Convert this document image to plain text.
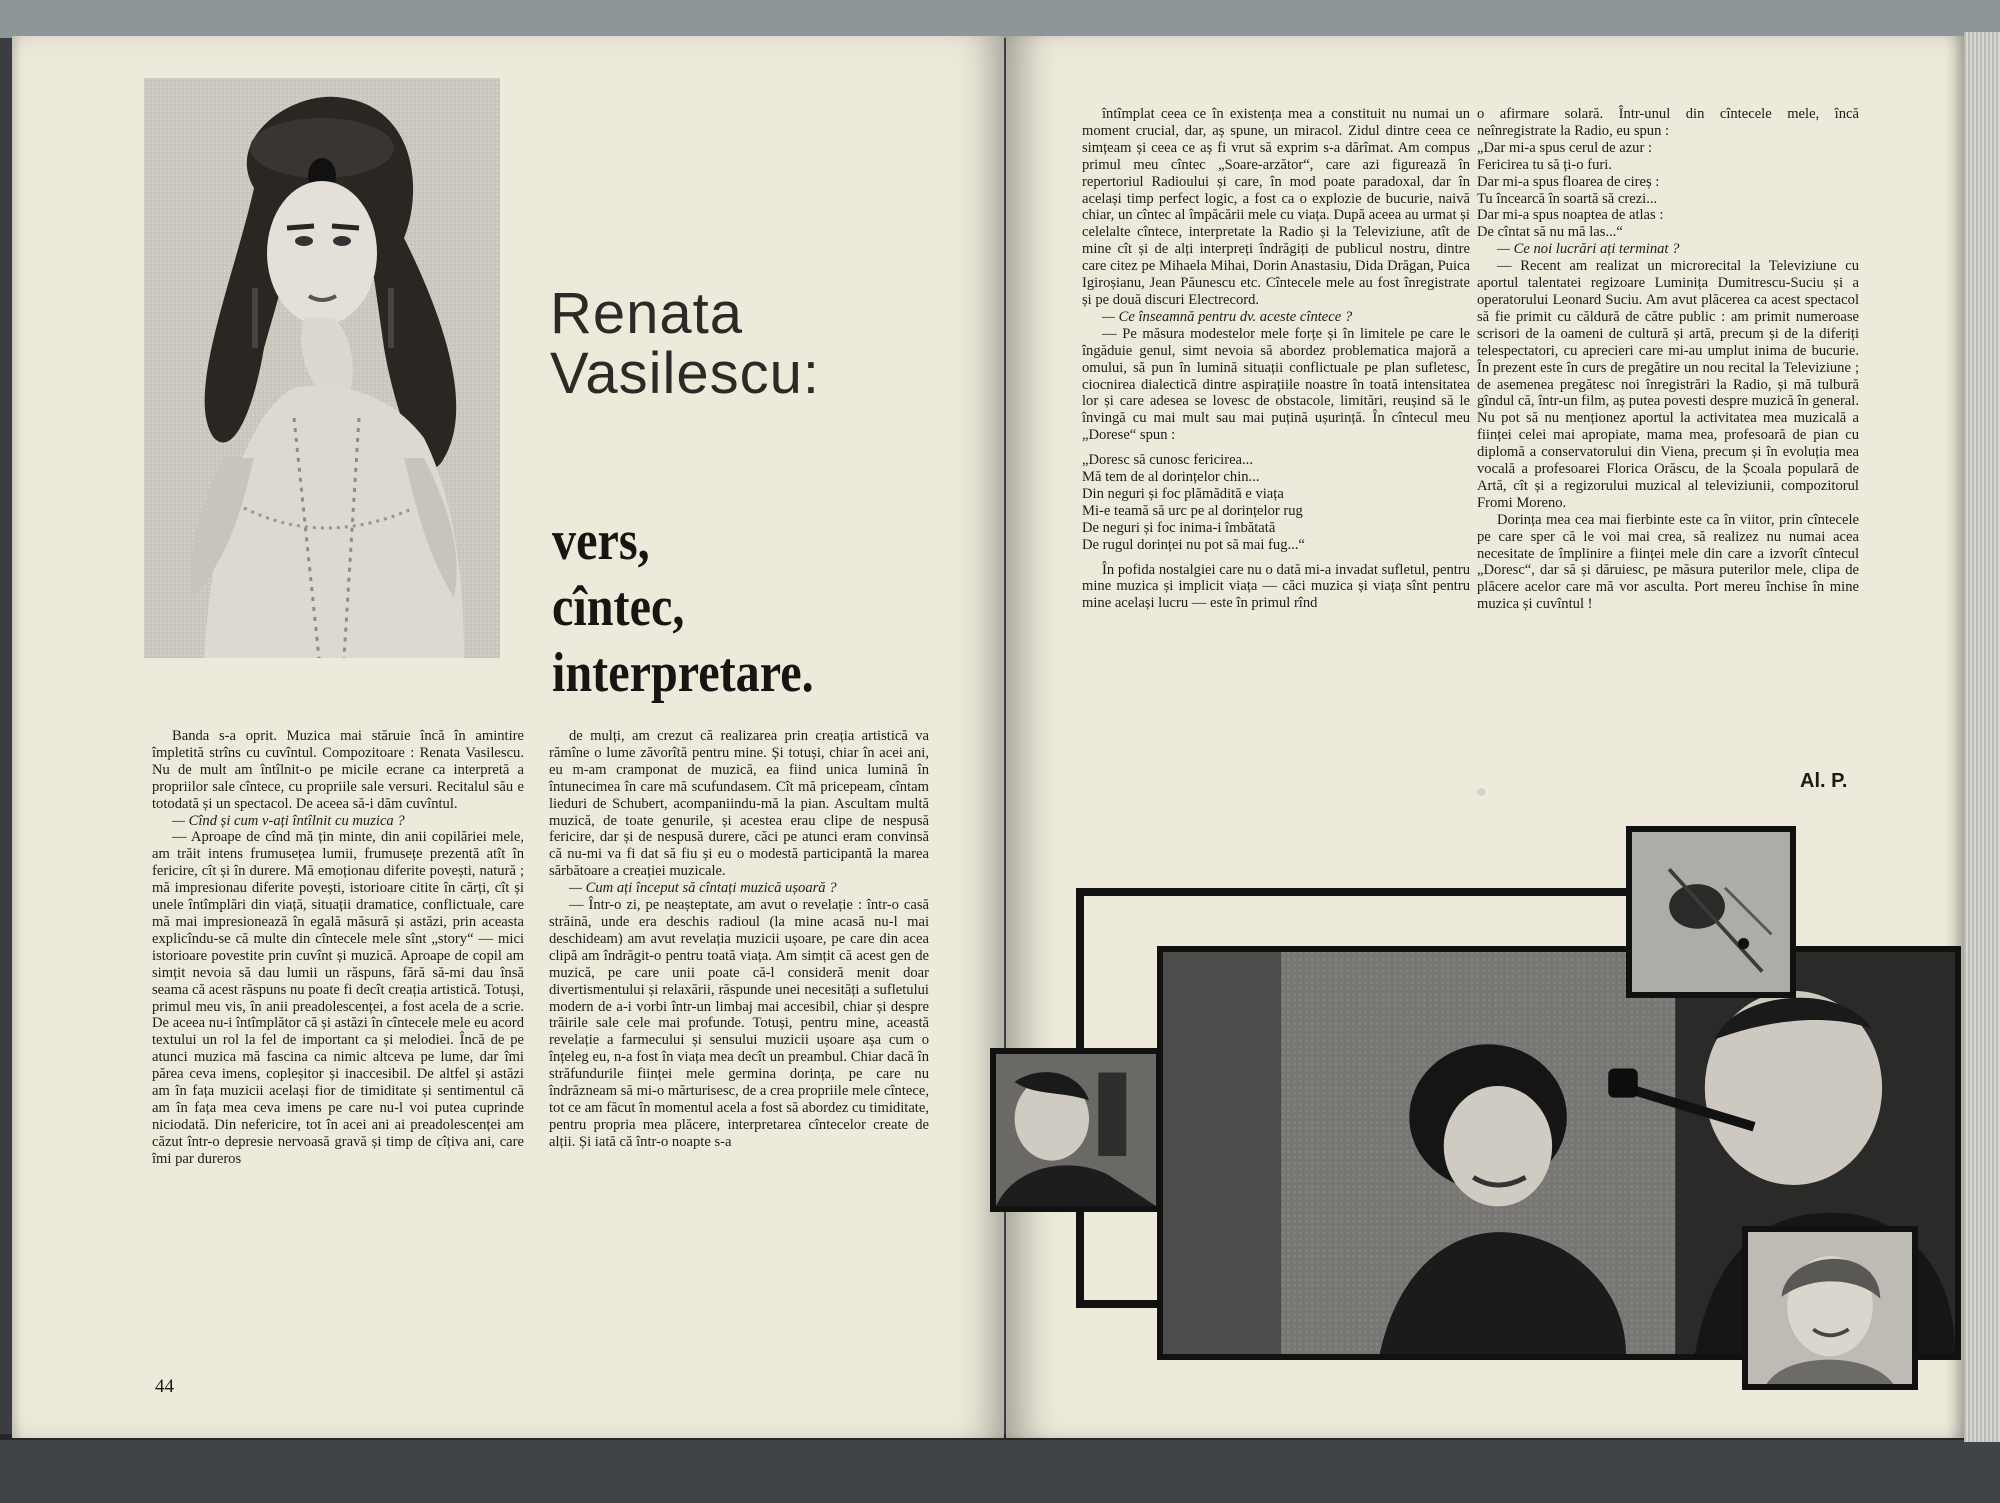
Renata
Vasilescu:
vers,
cîntec,
interpretare.

Banda s-a oprit. Muzica mai stăruie încă în amintire împletită strîns cu cuvîntul. Compozitoare : Renata Vasilescu. Nu de mult am întîlnit-o pe micile ecrane ca interpretă a propriilor sale cîntece, cu propriile sale versuri. Recitalul său e totodată și un spectacol. De aceea să-i dăm cuvîntul.

— Cînd și cum v-ați întîlnit cu muzica ?

— Aproape de cînd mă țin minte, din anii copilăriei mele, am trăit intens frumusețea lumii, frumusețe prezentă atît în fericire, cît și în durere. Mă emoționau diferite povești, natură ; mă impresionau diferite povești, istorioare citite în cărți, cît și unele întîmplări din viață, situații dramatice, conflictuale, care mă mai impresionează în egală măsură și astăzi, prin aceasta explicîndu-se că multe din cîntecele mele sînt „story“ — mici istorioare povestite prin cuvînt și muzică. Aproape de copil am simțit nevoia să dau lumii un răspuns, fără să-mi dau însă seama că acest răspuns nu poate fi decît creația artistică. Totuși, primul meu vis, în anii preadolescenței, a fost acela de a scrie. De aceea nu-i întîmplător că și astăzi în cîntecele mele eu acord textului un rol la fel de important ca și melodiei. Încă de pe atunci muzica mă fascina ca nimic altceva pe lume, dar îmi părea ceva imens, copleșitor și inaccesibil. De altfel și astăzi am în fața muzicii același fior de timiditate și sentimentul că am în fața mea ceva imens pe care nu-l voi putea cuprinde niciodată. Din nefericire, tot în acei ani ai preadolescenței am căzut într-o depresie nervoasă gravă și timp de cîțiva ani, care îmi par dureros

de mulți, am crezut că realizarea prin creația artistică va rămîne o lume zăvorîtă pentru mine. Și totuși, chiar în acei ani, eu m-am cramponat de muzică, ea fiind unica lumină în întunecimea în care mă scufundasem. Cît mă pricepeam, cîntam lieduri de Schubert, acompaniindu-mă la pian. Ascultam multă muzică, de toate genurile, și acestea erau clipe de nespusă fericire, dar și de nespusă durere, căci pe atunci eram convinsă că nu-mi va fi dat să fiu și eu o modestă participantă la marea sărbătoare a creației muzicale.

— Cum ați început să cîntați muzică ușoară ?

— Într-o zi, pe neașteptate, am avut o revelație : într-o casă străină, unde era deschis radioul (la mine acasă nu-l mai deschideam) am avut revelația muzicii ușoare, pe care din acea clipă am îndrăgit-o pentru toată viața. Am simțit că acest gen de muzică, pe care unii poate că-l consideră menit doar divertismentului și relaxării, răspunde unei necesități a sufletului modern de a-i vorbi într-un limbaj mai accesibil, chiar și despre trăirile sale cele mai profunde. Totuși, pentru mine, această revelație a farmecului și sensului muzicii ușoare așa cum o înțeleg eu, n-a fost în viața mea decît un preambul. Chiar dacă în străfundurile ființei mele germina dorința, pe care nu îndrăzneam să mi-o mărturisesc, de a crea propriile mele cîntece, tot ce am făcut în momentul acela a fost să abordez cu timiditate, pentru propria mea plăcere, interpretarea cîntecelor create de alții. Și iată că într-o noapte s-a

44

întîmplat ceea ce în existența mea a constituit nu numai un moment crucial, dar, aș spune, un miracol. Zidul dintre ceea ce simțeam și ceea ce aș fi vrut să exprim s-a dărîmat. Am compus primul meu cîntec „Soare-arzător“, care azi figurează în repertoriul Radioului și care, în mod poate paradoxal, dar în același timp perfect logic, a fost ca o explozie de bucurie, naivă chiar, un cîntec al împăcării mele cu viața. După aceea au urmat și celelalte cîntece, interpretate la Radio și la Televiziune, atît de mine cît și de alți interpreți îndrăgiți de publicul nostru, dintre care citez pe Mihaela Mihai, Dorin Anastasiu, Dida Drăgan, Puica Igiroșianu, Jean Păunescu etc. Cîntecele mele au fost înregistrate și pe două discuri Electrecord.

— Ce înseamnă pentru dv. aceste cîntece ?

— Pe măsura modestelor mele forțe și în limitele pe care le îngăduie genul, simt nevoia să abordez problematica majoră a omului, să pun în lumină situații conflictuale pe plan sufletesc, ciocnirea dialectică dintre aspirațiile noastre în toată intensitatea lor și care adesea se lovesc de obstacole, limitări, reușind să le învingă cu mai mult sau mai puțină ușurință. În cîntecul meu „Dorese“ spun :

„Doresc să cunosc fericirea...
Mă tem de al dorințelor chin...
Din neguri și foc plămădită e viața
Mi-e teamă să urc pe al dorințelor rug
De neguri și foc inima-i îmbătată
De rugul dorinței nu pot să mai fug...“

În pofida nostalgiei care nu o dată mi-a invadat sufletul, pentru mine muzica și implicit viața — căci muzica și viața sînt pentru mine același lucru — este în primul rînd

o afirmare solară. Într-unul din cîntecele mele, încă neînregistrate la Radio, eu spun :

„Dar mi-a spus cerul de azur :

Fericirea tu să ți-o furi.

Dar mi-a spus floarea de cireș :

Tu încearcă în soartă să crezi...

Dar mi-a spus noaptea de atlas :

De cîntat să nu mă las...“

— Ce noi lucrări ați terminat ?

— Recent am realizat un microrecital la Televiziune cu aportul talentatei regizoare Luminița Dumitrescu-Suciu și a operatorului Leonard Suciu. Am avut plăcerea ca acest spectacol să fie primit cu căldură de către public : am primit numeroase scrisori de la oameni de cultură și artă, precum și de la diferiți telespectatori, cu aprecieri care mi-au umplut inima de bucurie. În prezent este în curs de pregătire un nou recital la Televiziune ; de asemenea pregătesc noi înregistrări la Radio, și mă tulbură gîndul că, într-un film, aș putea povesti despre muzică în general. Nu pot să nu menționez aportul la activitatea mea muzicală a ființei celei mai apropiate, mama mea, profesoară de pian cu diplomă a conservatorului din Viena, precum și în evoluția mea vocală a profesoarei Florica Orăscu, de la Școala populară de Artă, cît și a regizorului muzical al televiziunii, compozitorul Fromi Moreno.

Dorința mea cea mai fierbinte este ca în viitor, prin cîntecele pe care sper că le voi mai crea, să realizez nu numai acea necesitate de împlinire a ființei mele din care a izvorît cîntecul „Doresc“, dar să și dăruiesc, pe măsura puterilor mele, clipa de plăcere acelor care mă vor asculta. Port mereu închise în mine muzica și cuvîntul !

Al. P.
•
